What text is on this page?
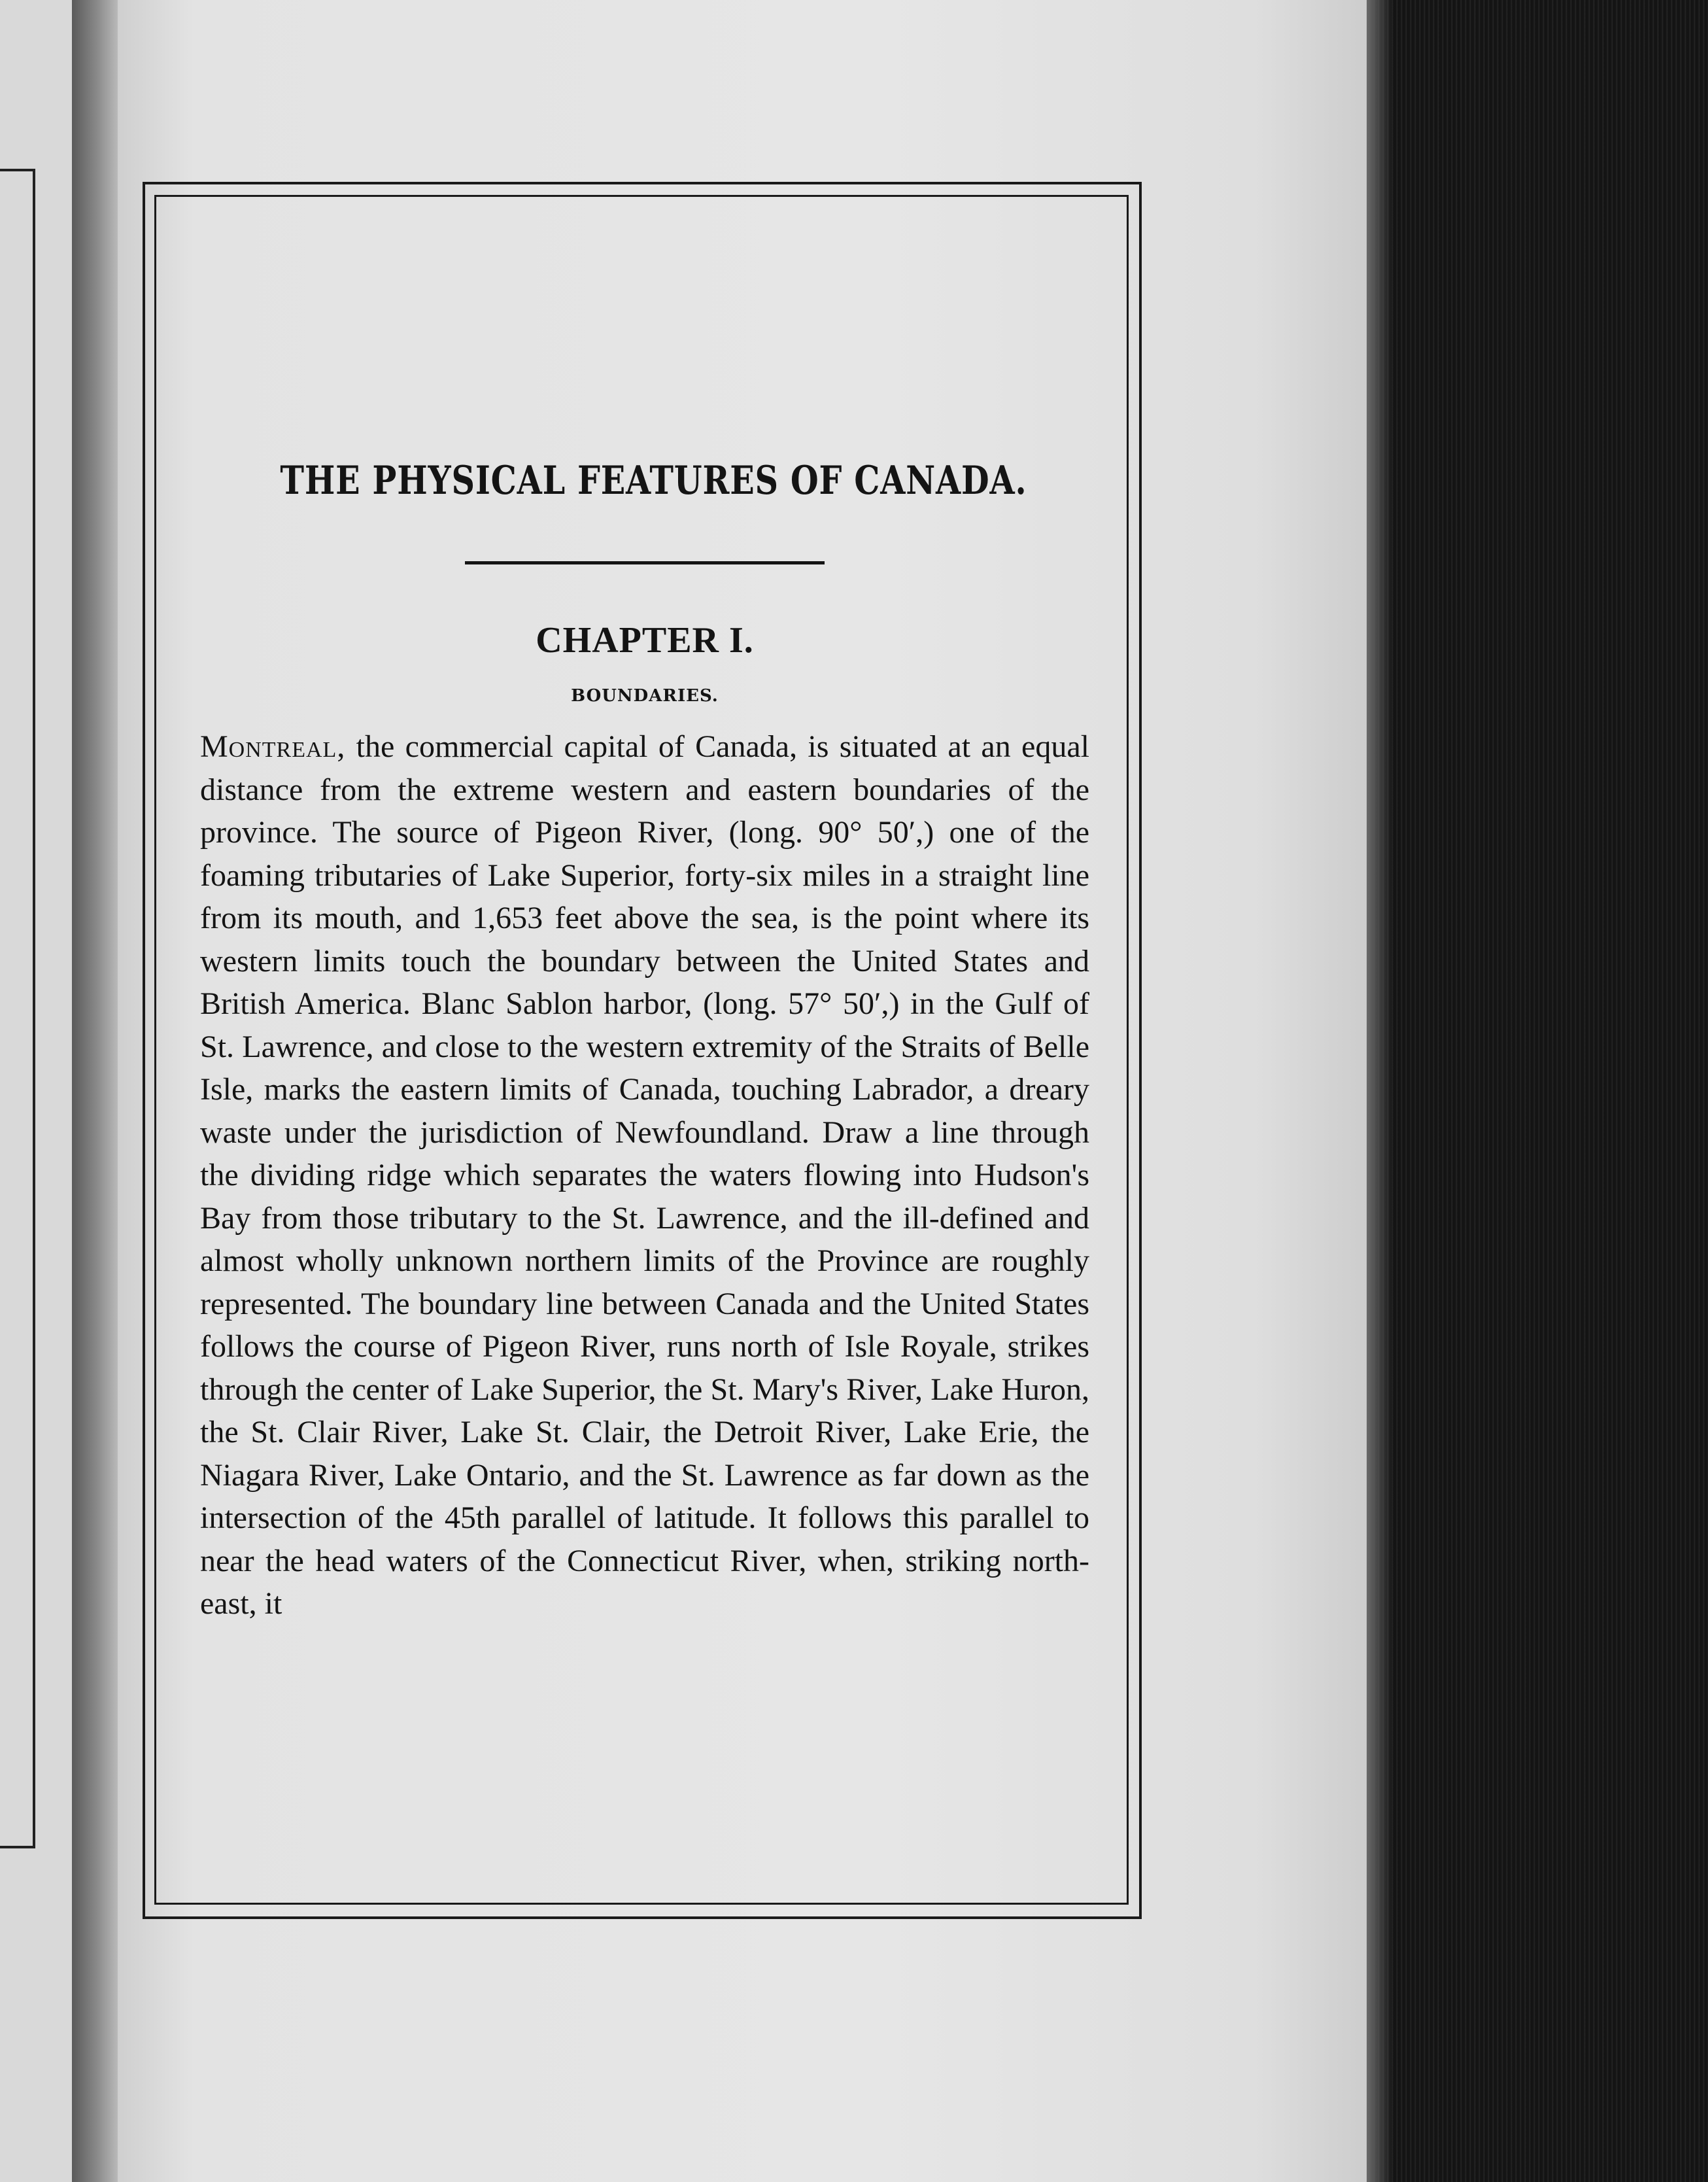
THE PHYSICAL FEATURES OF CANADA.
CHAPTER I.
BOUNDARIES.

Montreal, the commercial capital of Canada, is situated at an equal distance from the extreme western and eastern boundaries of the province. The source of Pigeon River, (long. 90° 50′,) one of the foaming tributaries of Lake Superior, forty-six miles in a straight line from its mouth, and 1,653 feet above the sea, is the point where its western limits touch the boundary between the United States and British America. Blanc Sablon harbor, (long. 57° 50′,) in the Gulf of St. Lawrence, and close to the western extremity of the Straits of Belle Isle, marks the eastern limits of Canada, touching Labrador, a dreary waste under the jurisdiction of Newfoundland. Draw a line through the dividing ridge which separates the waters flowing into Hudson's Bay from those tributary to the St. Lawrence, and the ill-defined and almost wholly unknown northern limits of the Province are roughly represented. The boundary line between Canada and the United States follows the course of Pigeon River, runs north of Isle Royale, strikes through the center of Lake Superior, the St. Mary's River, Lake Huron, the St. Clair River, Lake St. Clair, the Detroit River, Lake Erie, the Niagara River, Lake Ontario, and the St. Lawrence as far down as the intersection of the 45th parallel of latitude. It follows this parallel to near the head waters of the Connecticut River, when, striking north-east, it
